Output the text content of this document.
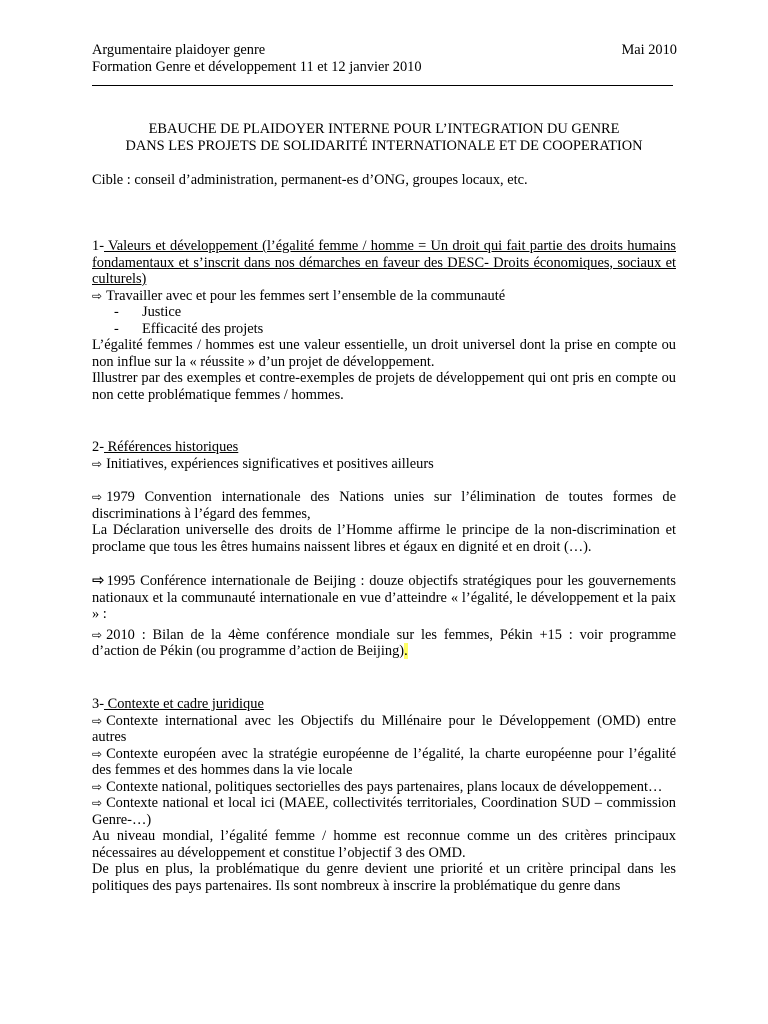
Argumentaire plaidoyer genre	Mai 2010
Formation Genre et développement 11 et 12 janvier 2010
EBAUCHE DE PLAIDOYER INTERNE POUR L’INTEGRATION DU GENRE
DANS LES PROJETS DE SOLIDARITÉ INTERNATIONALE ET DE COOPERATION

Cible : conseil d’administration, permanent-es d’ONG, groupes locaux, etc.

1- Valeurs et développement (l’égalité femme / homme = Un droit qui fait partie des droits humains fondamentaux et s’inscrit dans nos démarches en faveur des DESC- Droits économiques, sociaux et culturels)

⇨ Travailler avec et pour les femmes sert l’ensemble de la communauté

-	Justice
-	Efficacité des projets

L’égalité femmes / hommes est une valeur essentielle, un droit universel dont la prise en compte ou non influe sur la « réussite » d’un projet de développement.

Illustrer par des exemples et contre-exemples de projets de développement qui ont pris en compte ou non cette problématique femmes / hommes.

2- Références historiques

⇨ Initiatives, expériences significatives et positives ailleurs

⇨ 1979 Convention internationale des Nations unies sur l’élimination de toutes formes de discriminations à l’égard des femmes,

La Déclaration universelle des droits de l’Homme affirme le principe de la non-discrimination et proclame que tous les êtres humains naissent libres et égaux en dignité et en droit (…).

⇨ 1995 Conférence internationale de Beijing : douze objectifs stratégiques pour les gouvernements nationaux et la communauté internationale en vue d’atteindre « l’égalité, le développement et la paix » :

⇨ 2010 : Bilan de la 4ème conférence mondiale sur les femmes, Pékin +15 : voir programme d’action de Pékin (ou programme d’action de Beijing).

3- Contexte et cadre juridique

⇨ Contexte international avec les Objectifs du Millénaire pour le Développement (OMD) entre autres

⇨ Contexte européen avec la stratégie européenne de l’égalité, la charte européenne pour l’égalité des femmes et des hommes dans la vie locale

⇨ Contexte national, politiques sectorielles des pays partenaires, plans locaux de développement…

⇨ Contexte national et local ici (MAEE, collectivités territoriales, Coordination SUD – commission Genre-…)

Au niveau mondial, l’égalité femme / homme est reconnue comme un des critères principaux nécessaires au développement et constitue l’objectif 3 des OMD.

De plus en plus, la problématique du genre devient une priorité et un critère principal dans les politiques des pays partenaires. Ils sont nombreux à inscrire la problématique du genre dans
